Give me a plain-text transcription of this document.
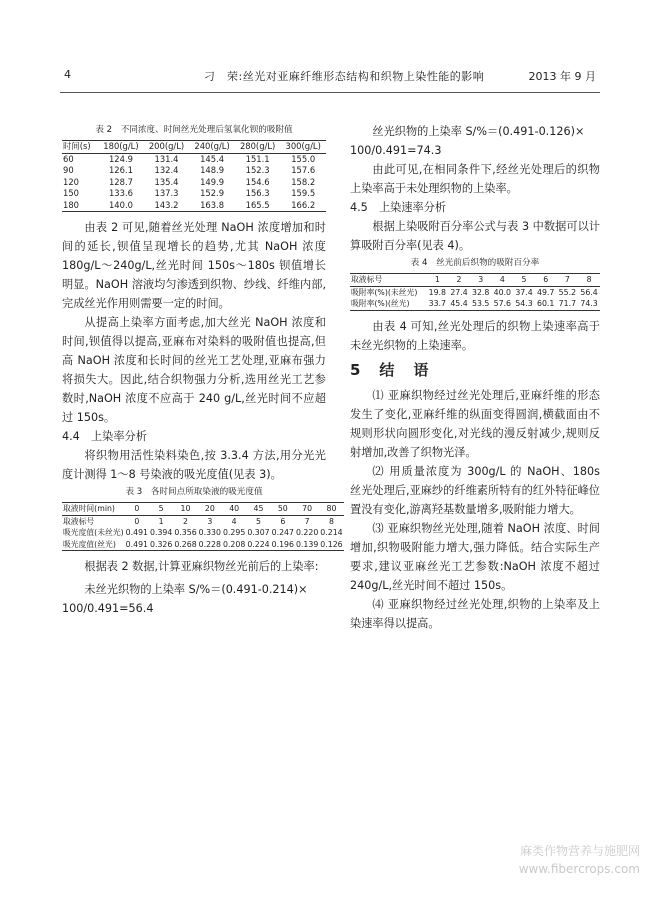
4	刁　荣:丝光对亚麻纤维形态结构和织物上染性能的影响	2013 年 9 月
表 2　不同浓度、时间丝光处理后氢氧化钡的吸附值
时间(s)	180(g/L)	200(g/L)	240(g/L)	280(g/L)	300(g/L)
60	124.9	131.4	145.4	151.1	155.0
90	126.1	132.4	148.9	152.3	157.6
120	128.7	135.4	149.9	154.6	158.2
150	133.6	137.3	152.9	156.3	159.5
180	140.0	143.2	163.8	165.5	166.2

由表 2 可见,随着丝光处理 NaOH 浓度增加和时间的延长,钡值呈现增长的趋势,尤其 NaOH 浓度 180g/L～240g/L,丝光时间 150s～180s 钡值增长明显。NaOH 溶液均匀渗透到织物、纱线、纤维内部,完成丝光作用则需要一定的时间。

从提高上染率方面考虑,加大丝光 NaOH 浓度和时间,钡值得以提高,亚麻布对染料的吸附值也提高,但高 NaOH 浓度和长时间的丝光工艺处理,亚麻布强力将损失大。因此,结合织物强力分析,选用丝光工艺参数时,NaOH 浓度不应高于 240 g/L,丝光时间不应超过 150s。

4.4　上染率分析

将织物用活性染料染色,按 3.3.4 方法,用分光光度计测得 1～8 号染液的吸光度值(见表 3)。

表 3　各时间点所取染液的吸光度值
取液时间(min)	0	5	10	20	40	45	50	70	80
取液标号	0	1	2	3	4	5	6	7	8
吸光度值(未丝光)	0.491	0.394	0.356	0.330	0.295	0.307	0.247	0.220	0.214
吸光度值(丝光)	0.491	0.326	0.268	0.228	0.208	0.224	0.196	0.139	0.126

根据表 2 数据,计算亚麻织物丝光前后的上染率:

未丝光织物的上染率 S/%＝(0.491-0.214)×

100/0.491=56.4

丝光织物的上染率 S/%＝(0.491-0.126)×

100/0.491=74.3

由此可见,在相同条件下,经丝光处理后的织物上染率高于未处理织物的上染率。

4.5　上染速率分析

根据上染吸附百分率公式与表 3 中数据可以计算吸附百分率(见表 4)。

表 4　丝光前后织物的吸附百分率
取液标号	1	2	3	4	5	6	7	8
吸附率(%)(未丝光)	19.8	27.4	32.8	40.0	37.4	49.7	55.2	56.4
吸附率(%)(丝光)	33.7	45.4	53.5	57.6	54.3	60.1	71.7	74.3

由表 4 可知,丝光处理后的织物上染速率高于未丝光织物的上染速率。

5　结　语

⑴ 亚麻织物经过丝光处理后,亚麻纤维的形态发生了变化,亚麻纤维的纵面变得圆润,横截面由不规则形状向圆形变化,对光线的漫反射减少,规则反射增加,改善了织物光泽。

⑵ 用质量浓度为 300g/L 的 NaOH、180s 丝光处理后,亚麻纱的纤维素所特有的红外特征峰位置没有变化,游离羟基数量增多,吸附能力增大。

⑶ 亚麻织物丝光处理,随着 NaOH 浓度、时间增加,织物吸附能力增大,强力降低。结合实际生产要求,建议亚麻丝光工艺参数:NaOH 浓度不超过240g/L,丝光时间不超过 150s。

⑷ 亚麻织物经过丝光处理,织物的上染率及上染速率得以提高。

麻类作物营养与施肥网
www.fibercrops.com
